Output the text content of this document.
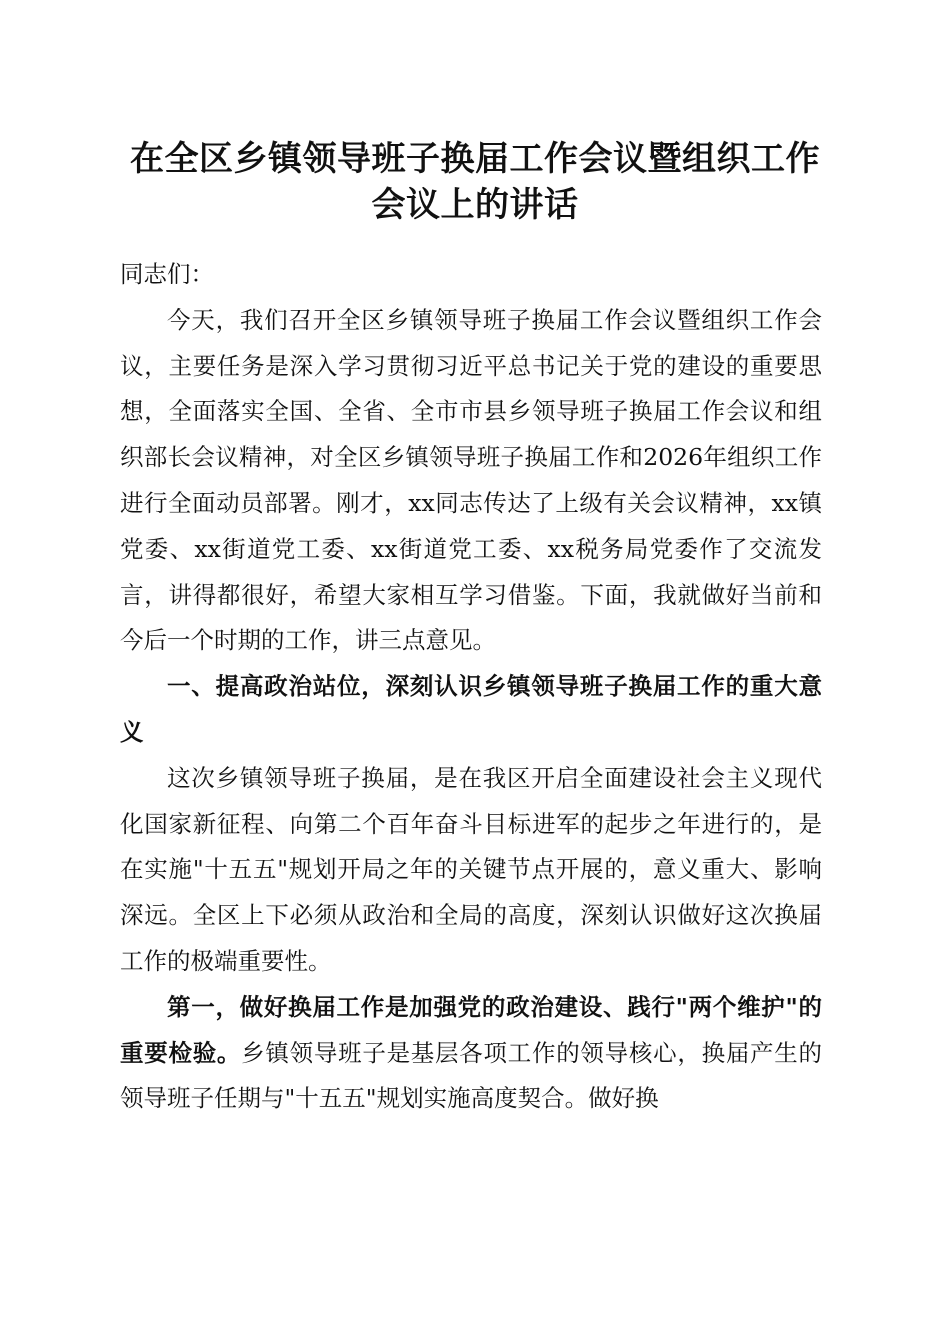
在全区乡镇领导班子换届工作会议暨组织工作
会议上的讲话

同志们：

今天，我们召开全区乡镇领导班子换届工作会议暨组织工作会议，主要任务是深入学习贯彻习近平总书记关于党的建设的重要思想，全面落实全国、全省、全市市县乡领导班子换届工作会议和组织部长会议精神，对全区乡镇领导班子换届工作和2026年组织工作进行全面动员部署。刚才，xx同志传达了上级有关会议精神，xx镇党委、xx街道党工委、xx街道党工委、xx税务局党委作了交流发言，讲得都很好，希望大家相互学习借鉴。下面，我就做好当前和今后一个时期的工作，讲三点意见。

一、提高政治站位，深刻认识乡镇领导班子换届工作的重大意义

这次乡镇领导班子换届，是在我区开启全面建设社会主义现代化国家新征程、向第二个百年奋斗目标进军的起步之年进行的，是在实施"十五五"规划开局之年的关键节点开展的，意义重大、影响深远。全区上下必须从政治和全局的高度，深刻认识做好这次换届工作的极端重要性。

第一，做好换届工作是加强党的政治建设、践行"两个维护"的重要检验。乡镇领导班子是基层各项工作的领导核心，换届产生的领导班子任期与"十五五"规划实施高度契合。做好换
